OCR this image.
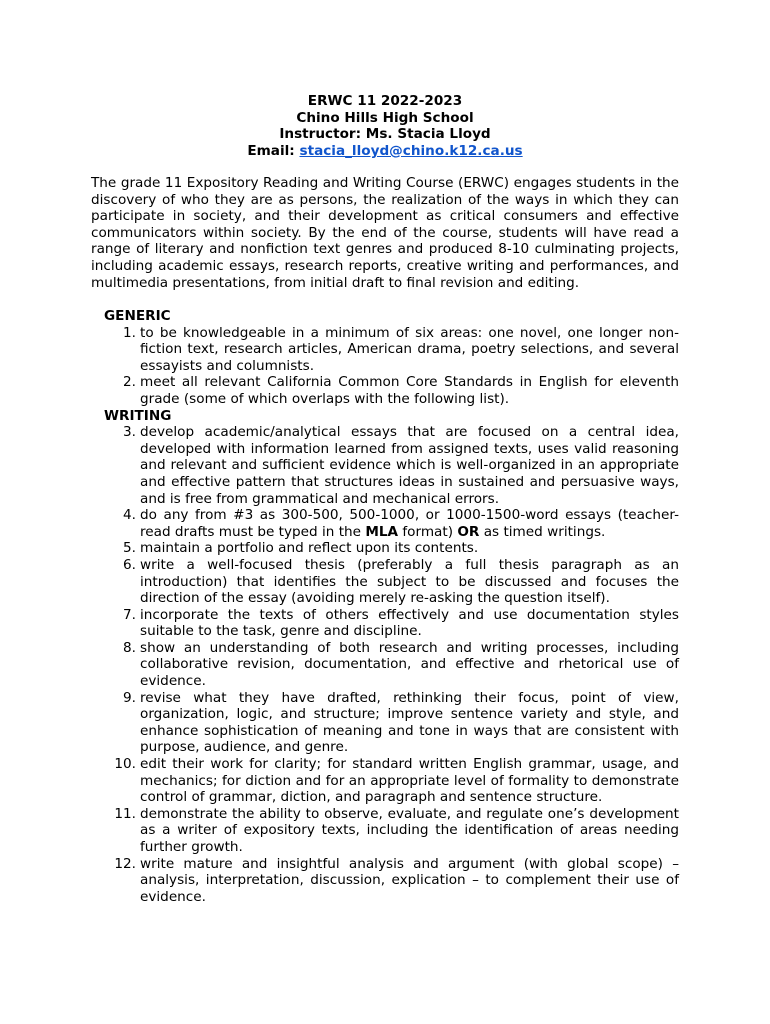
ERWC 11 2022-2023
Chino Hills High School
Instructor: Ms. Stacia Lloyd
Email: stacia_lloyd@chino.k12.ca.us

The grade 11 Expository Reading and Writing Course (ERWC) engages students in the discovery of who they are as persons, the realization of the ways in which they can participate in society, and their development as critical consumers and effective communicators within society. By the end of the course, students will have read a range of literary and nonfiction text genres and produced 8-10 culminating projects, including academic essays, research reports, creative writing and performances, and multimedia presentations, from initial draft to final revision and editing.

GENERIC
1. to be knowledgeable in a minimum of six areas: one novel, one longer non-fiction text, research articles, American drama, poetry selections, and several essayists and columnists.
2. meet all relevant California Common Core Standards in English for eleventh grade (some of which overlaps with the following list).
WRITING
3. develop academic/analytical essays that are focused on a central idea, developed with information learned from assigned texts, uses valid reasoning and relevant and sufficient evidence which is well-organized in an appropriate and effective pattern that structures ideas in sustained and persuasive ways, and is free from grammatical and mechanical errors.
4. do any from #3 as 300-500, 500-1000, or 1000-1500-word essays (teacher-read drafts must be typed in the MLA format) OR as timed writings.
5. maintain a portfolio and reflect upon its contents.
6. write a well-focused thesis (preferably a full thesis paragraph as an introduction) that identifies the subject to be discussed and focuses the direction of the essay (avoiding merely re-asking the question itself).
7. incorporate the texts of others effectively and use documentation styles suitable to the task, genre and discipline.
8. show an understanding of both research and writing processes, including collaborative revision, documentation, and effective and rhetorical use of evidence.
9. revise what they have drafted, rethinking their focus, point of view, organization, logic, and structure; improve sentence variety and style, and enhance sophistication of meaning and tone in ways that are consistent with purpose, audience, and genre.
10. edit their work for clarity; for standard written English grammar, usage, and mechanics; for diction and for an appropriate level of formality to demonstrate control of grammar, diction, and paragraph and sentence structure.
11. demonstrate the ability to observe, evaluate, and regulate one’s development as a writer of expository texts, including the identification of areas needing further growth.
12. write mature and insightful analysis and argument (with global scope) – analysis, interpretation, discussion, explication – to complement their use of evidence.
